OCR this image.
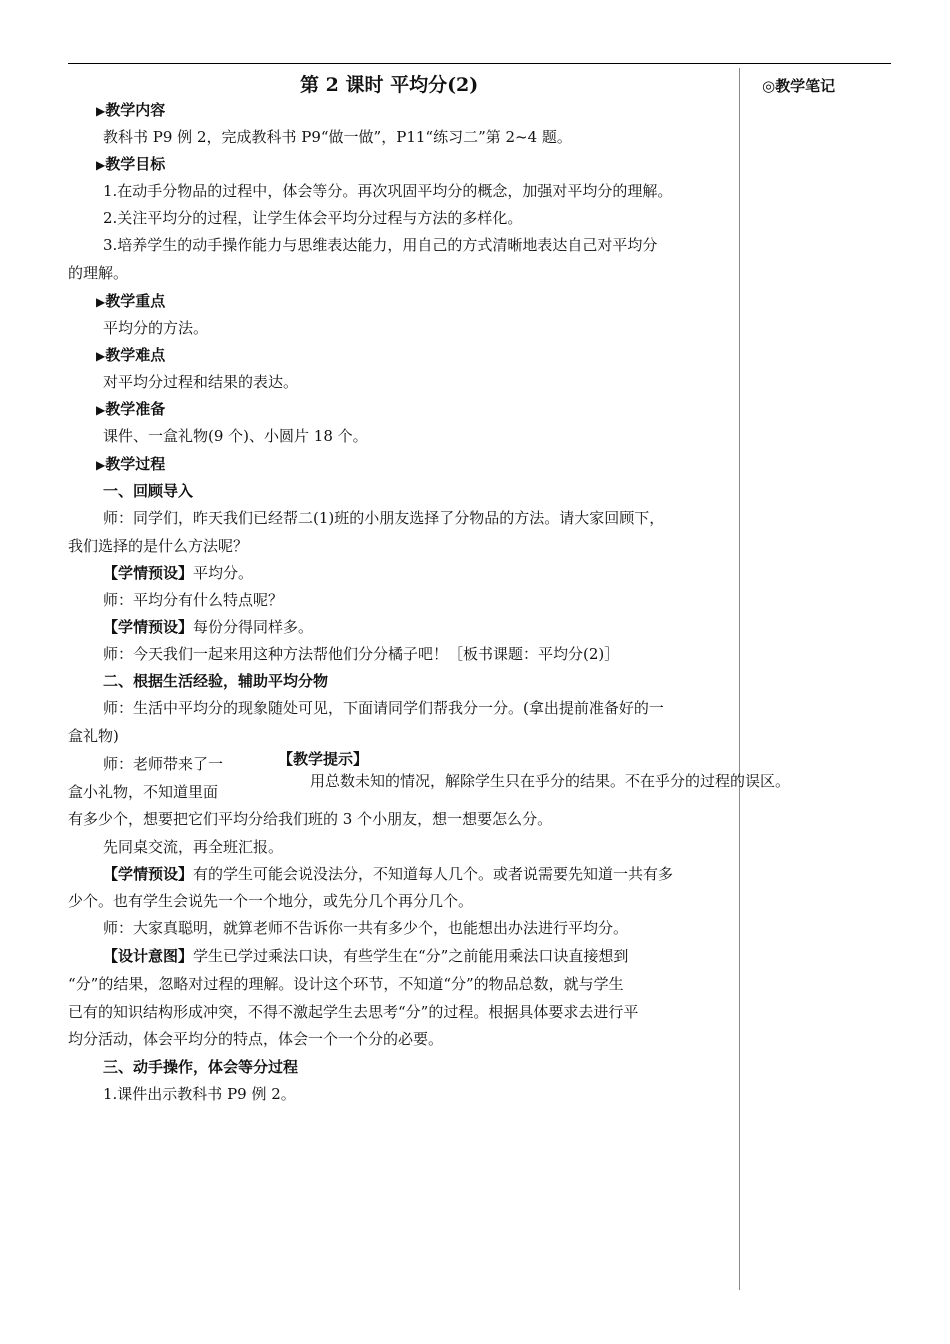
第 2 课时 平均分(2)	◎教学笔记
▶教学内容
教科书 P9 例 2，完成教科书 P9“做一做”，P11“练习二”第 2~4 题。
▶教学目标
1.在动手分物品的过程中，体会等分。再次巩固平均分的概念，加强对平均分的理解。
2.关注平均分的过程，让学生体会平均分过程与方法的多样化。
3.培养学生的动手操作能力与思维表达能力，用自己的方式清晰地表达自己对平均分
的理解。
▶教学重点
平均分的方法。
▶教学难点
对平均分过程和结果的表达。
▶教学准备
课件、一盒礼物(9 个)、小圆片 18 个。
▶教学过程
一、回顾导入
师：同学们，昨天我们已经帮二(1)班的小朋友选择了分物品的方法。请大家回顾下，
我们选择的是什么方法呢？
【学情预设】平均分。
师：平均分有什么特点呢？
【学情预设】每份分得同样多。
师：今天我们一起来用这种方法帮他们分分橘子吧！［板书课题：平均分(2)］
二、根据生活经验，辅助平均分物
师：生活中平均分的现象随处可见，下面请同学们帮我分一分。(拿出提前准备好的一
盒礼物)
师：老师带来了一	【教学提示】
用总数未知的情况，解除学生只在乎分的结果。不在乎分的过程的误区。
盒小礼物，不知道里面
有多少个，想要把它们平均分给我们班的 3 个小朋友，想一想要怎么分。
先同桌交流，再全班汇报。
【学情预设】有的学生可能会说没法分，不知道每人几个。或者说需要先知道一共有多
少个。也有学生会说先一个一个地分，或先分几个再分几个。
师：大家真聪明，就算老师不告诉你一共有多少个，也能想出办法进行平均分。
【设计意图】学生已学过乘法口诀，有些学生在“分”之前能用乘法口诀直接想到
“分”的结果，忽略对过程的理解。设计这个环节，不知道“分”的物品总数，就与学生
已有的知识结构形成冲突，不得不激起学生去思考“分”的过程。根据具体要求去进行平
均分活动，体会平均分的特点，体会一个一个分的必要。
三、动手操作，体会等分过程
1.课件出示教科书 P9 例 2。
